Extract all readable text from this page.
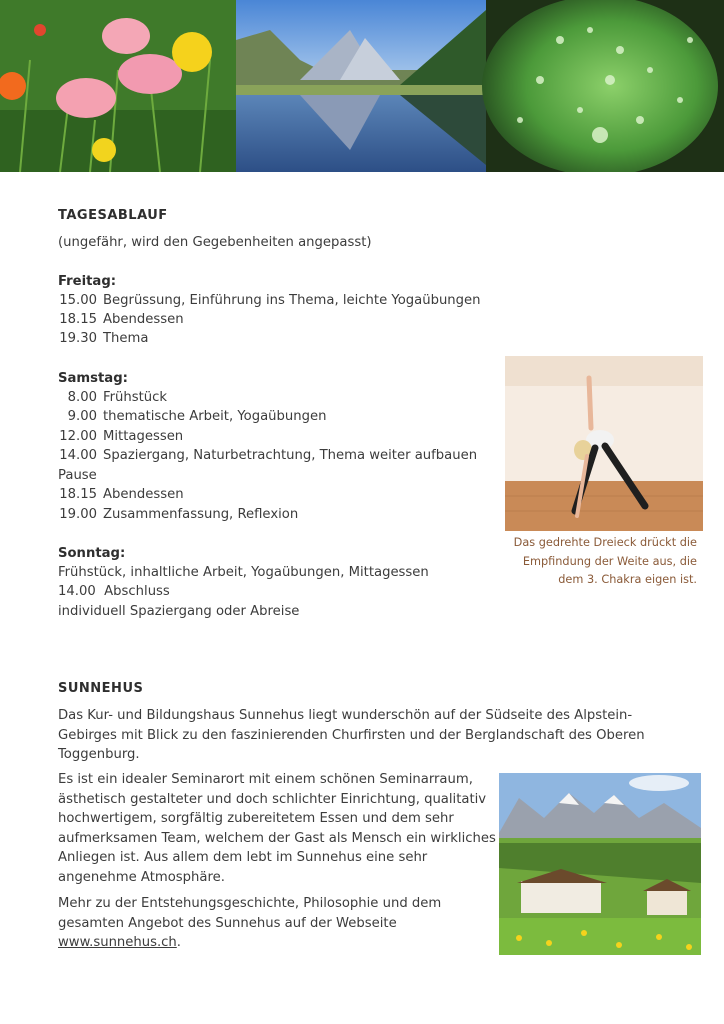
TAGESABLAUF
(ungefähr, wird den Gegebenheiten angepasst)
Freitag:
15.00 Begrüssung, Einführung ins Thema, leichte Yogaübungen
18.15 Abendessen
19.30 Thema
Samstag:
8.00 Frühstück
9.00 thematische Arbeit, Yogaübungen
12.00 Mittagessen
14.00 Spaziergang, Naturbetrachtung, Thema weiter aufbauen
Pause
18.15 Abendessen
19.00 Zusammenfassung, Reflexion
Sonntag:
Frühstück, inhaltliche Arbeit, Yogaübungen, Mittagessen
14.00 Abschluss
individuell Spaziergang oder Abreise
Das gedrehte Dreieck drückt die
Empfindung der Weite aus, die
dem 3. Chakra eigen ist.
SUNNEHUS
Das Kur- und Bildungshaus Sunnehus liegt wunderschön auf der Südseite des Alpstein-
Gebirges mit Blick zu den faszinierenden Churfirsten und der Berglandschaft des Oberen
Toggenburg.
Es ist ein idealer Seminarort mit einem schönen Seminarraum,
ästhetisch gestalteter und doch schlichter Einrichtung, qualitativ
hochwertigem, sorgfältig zubereitetem Essen und dem sehr
aufmerksamen Team, welchem der Gast als Mensch ein wirkliches
Anliegen ist. Aus allem dem lebt im Sunnehus eine sehr
angenehme Atmosphäre.
Mehr zu der Entstehungsgeschichte, Philosophie und dem
gesamten Angebot des Sunnehus auf der Webseite
www.sunnehus.ch.
